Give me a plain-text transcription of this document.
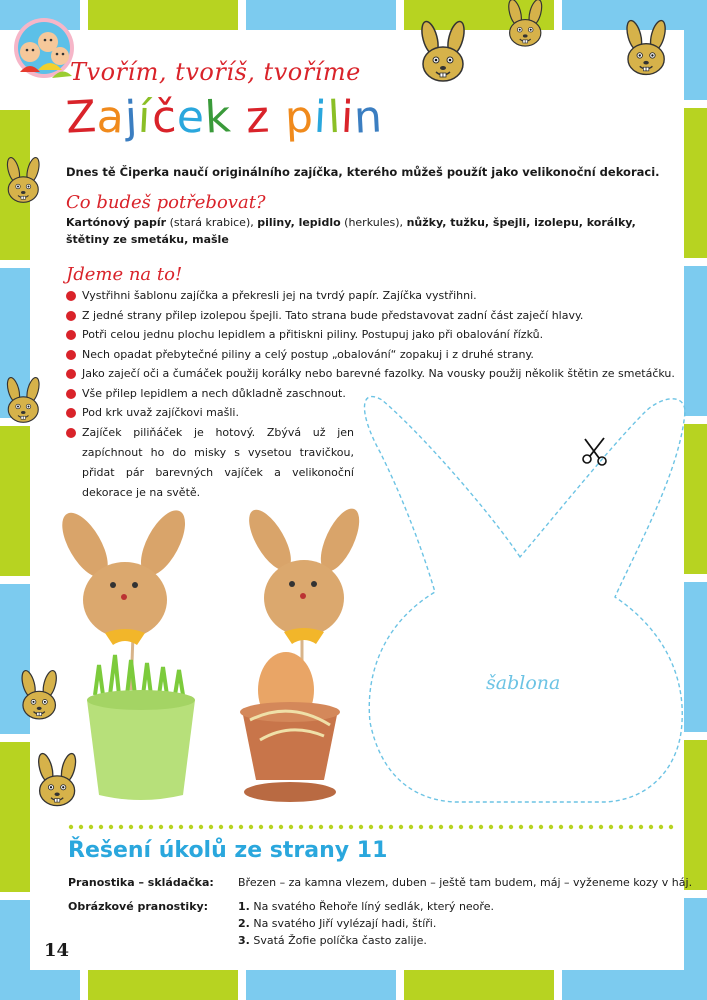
Tvořím, tvoříš, tvoříme
Zajíček z pilin
Dnes tě Čiperka naučí originálního zajíčka, kterého můžeš použít jako velikonoční dekoraci.
Co budeš potřebovat?
Kartónový papír (stará krabice), piliny, lepidlo (herkules), nůžky, tužku, špejli, izolepu, korálky, štětiny ze smetáku, mašle
Jdeme na to!
Vystřihni šablonu zajíčka a překresli jej na tvrdý papír. Zajíčka vystřihni.
Z jedné strany přilep izolepou špejli. Tato strana bude představovat zadní část zaječí hlavy.
Potři celou jednu plochu lepidlem a přitiskni piliny. Postupuj jako při obalování řízků.
Nech opadat přebytečné piliny a celý postup „obalování“ zopakuj i z druhé strany.
Jako zaječí oči a čumáček použij korálky nebo barevné fazolky. Na vousky použij několik štětin ze smetáčku.
Vše přilep lepidlem a nech důkladně zaschnout.
Pod krk uvaž zajíčkovi mašli.
Zajíček piliňáček je hotový. Zbývá už jen zapíchnout ho do misky s vysetou travičkou, přidat pár barevných vajíček a velikonoční dekorace je na světě.
šablona
Řešení úkolů ze strany 11
Pranostika – skládačka: Březen – za kamna vlezem, duben – ještě tam budem, máj – vyženeme kozy v háj.
Obrázkové pranostiky:	1. Na svatého Řehoře líný sedlák, který neoře.
2. Na svatého Jiří vylézají hadi, štíři.
3. Svatá Žofie políčka často zalije.
14
